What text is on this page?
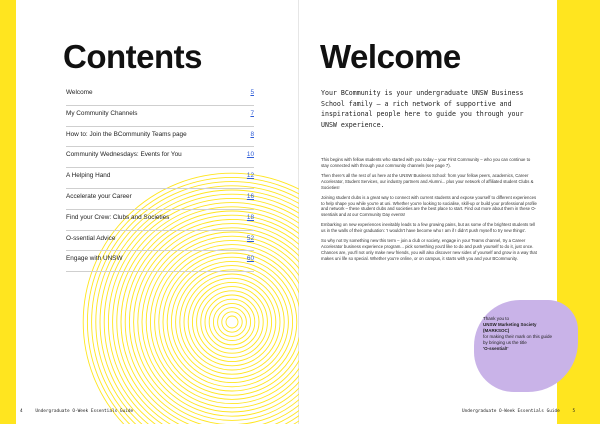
Contents
Welcome	5
My Community Channels	7
How to: Join the BCommunity Teams page	8
Community Wednesdays: Events for You	10
A Helping Hand	12
Accelerate your Career	16
Find your Crew: Clubs and Societies	18
O-ssential Advice	52
Engage with UNSW	60
4	Undergraduate O-Week Essentials Guide
Welcome
Your BCommunity is your undergraduate UNSW Business School family – a rich network of supportive and inspirational people here to guide you through your UNSW experience.

This begins with fellow students who started with you today – your First Community – who you can continue to stay connected with through your community channels (see page 7).

Then there's all the rest of us here at the UNSW Business School: from your fellow peers, academics, Career Accelerator, Student Services, our industry partners and Alumni... plus your network of affiliated student Clubs & Societies!

Joining student clubs is a great way to connect with current students and expose yourself to different experiences to help shape you while you're at uni. Whether you're looking to socialise, skill-up or build your professional profile and network – these student clubs and societies are the best place to start. Find out more about them in these O-ssentials and at our Community Day events!

Embarking on new experiences inevitably leads to a few growing pains, but as some of the brightest students tell us in the walls of their graduation: 'I wouldn't have become who I am if I didn't push myself to try new things'.

So why not try something new this term – join a club or society, engage in your Teams channel, try a Career Accelerator business experience program... pick something you'd like to do and push yourself to do it, just once. Chances are, you'll not only make new friends, you will also discover new sides of yourself and grow in a way that makes uni life so special. Whether you're online, or on campus, it starts with you and your BCommunity.

Thank you to
UNSW Marketing Society (MARKSOC)
for making their mark on this guide by bringing us the title
'O-ssential!'
Undergraduate O-Week Essentials Guide	5
